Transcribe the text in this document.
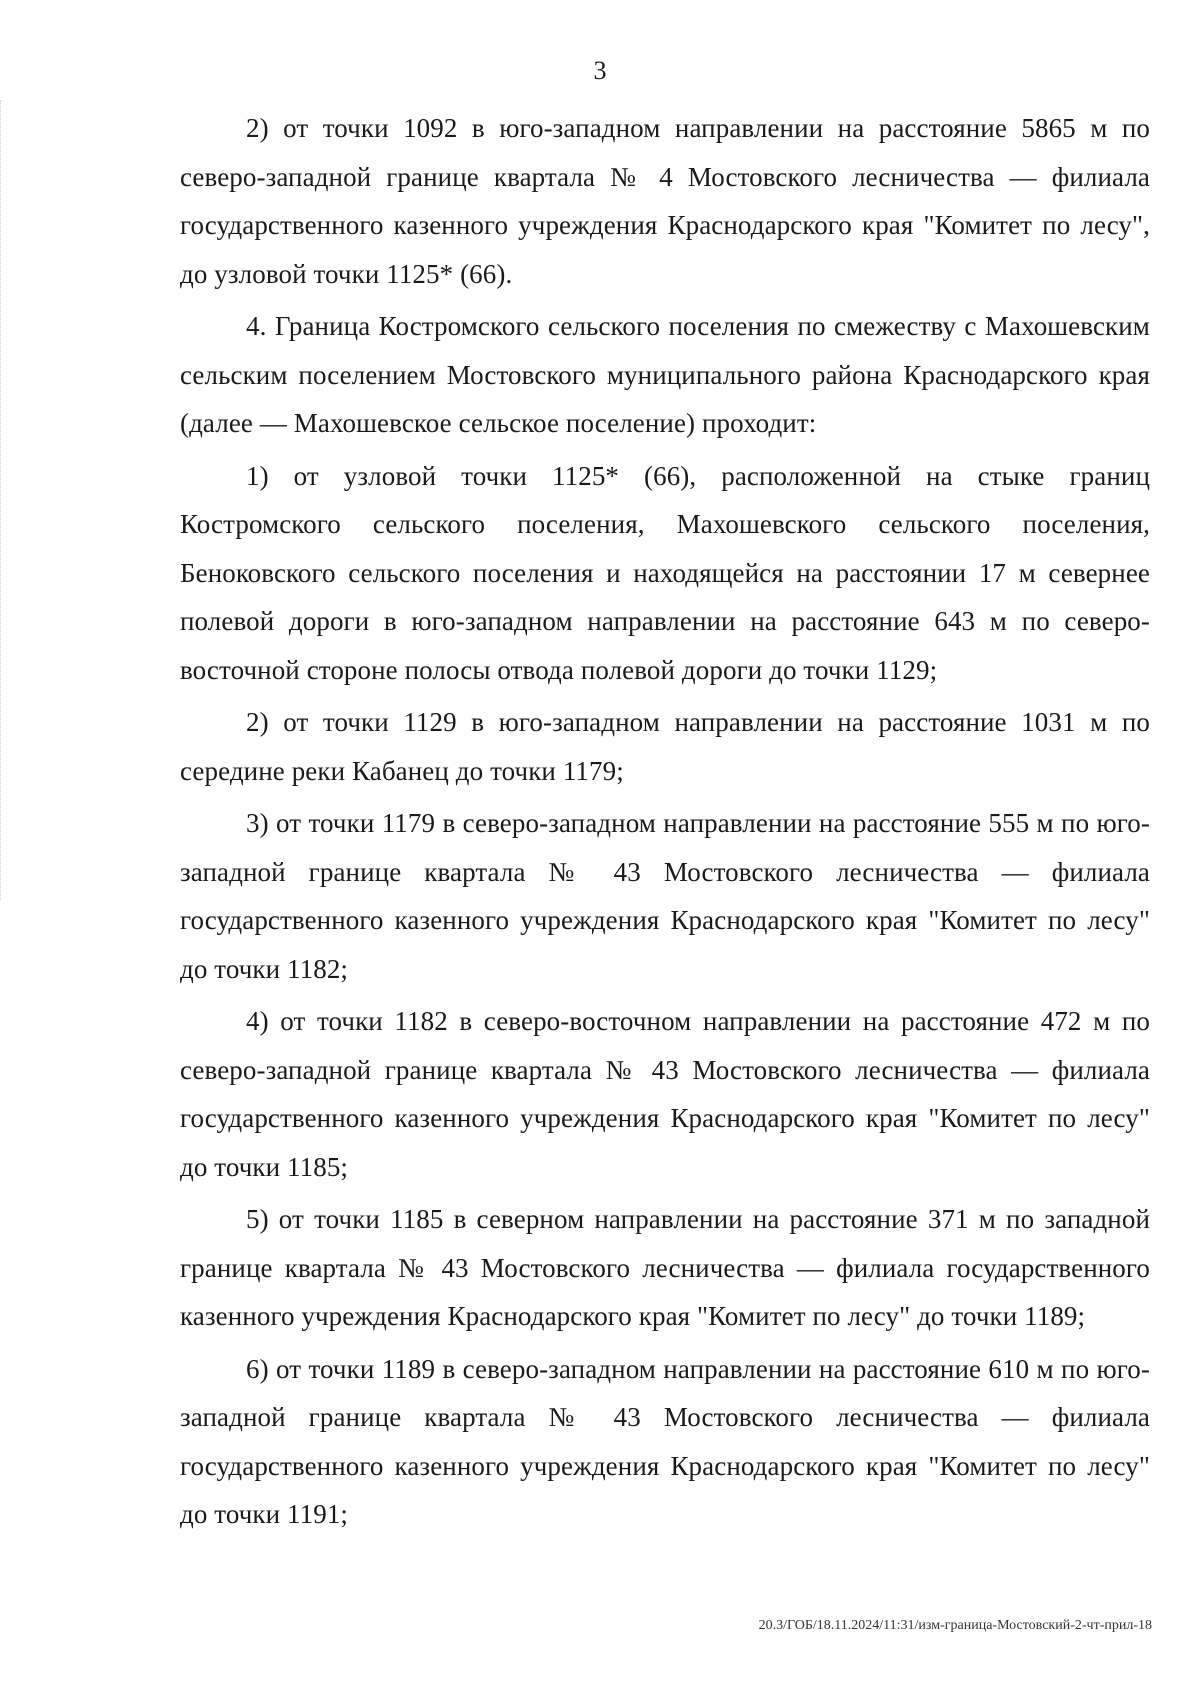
3

2) от точки 1092 в юго-западном направлении на расстояние 5865 м по северо-западной границе квартала № 4 Мостовского лесничества — филиала государственного казенного учреждения Краснодарского края "Комитет по лесу", до узловой точки 1125* (66).

4. Граница Костромского сельского поселения по смежеству с Махошевским сельским поселением Мостовского муниципального района Краснодарского края (далее — Махошевское сельское поселение) проходит:

1) от узловой точки 1125* (66), расположенной на стыке границ Костромского сельского поселения, Махошевского сельского поселения, Беноковского сельского поселения и находящейся на расстоянии 17 м севернее полевой дороги в юго-западном направлении на расстояние 643 м по северо-восточной стороне полосы отвода полевой дороги до точки 1129;

2) от точки 1129 в юго-западном направлении на расстояние 1031 м по середине реки Кабанец до точки 1179;

3) от точки 1179 в северо-западном направлении на расстояние 555 м по юго-западной границе квартала № 43 Мостовского лесничества — филиала государственного казенного учреждения Краснодарского края "Комитет по лесу" до точки 1182;

4) от точки 1182 в северо-восточном направлении на расстояние 472 м по северо-западной границе квартала № 43 Мостовского лесничества — филиала государственного казенного учреждения Краснодарского края "Комитет по лесу" до точки 1185;

5) от точки 1185 в северном направлении на расстояние 371 м по западной границе квартала № 43 Мостовского лесничества — филиала государственного казенного учреждения Краснодарского края "Комитет по лесу" до точки 1189;

6) от точки 1189 в северо-западном направлении на расстояние 610 м по юго-западной границе квартала № 43 Мостовского лесничества — филиала государственного казенного учреждения Краснодарского края "Комитет по лесу" до точки 1191;

20.3/ГОБ/18.11.2024/11:31/изм-граница-Мостовский-2-чт-прил-18
